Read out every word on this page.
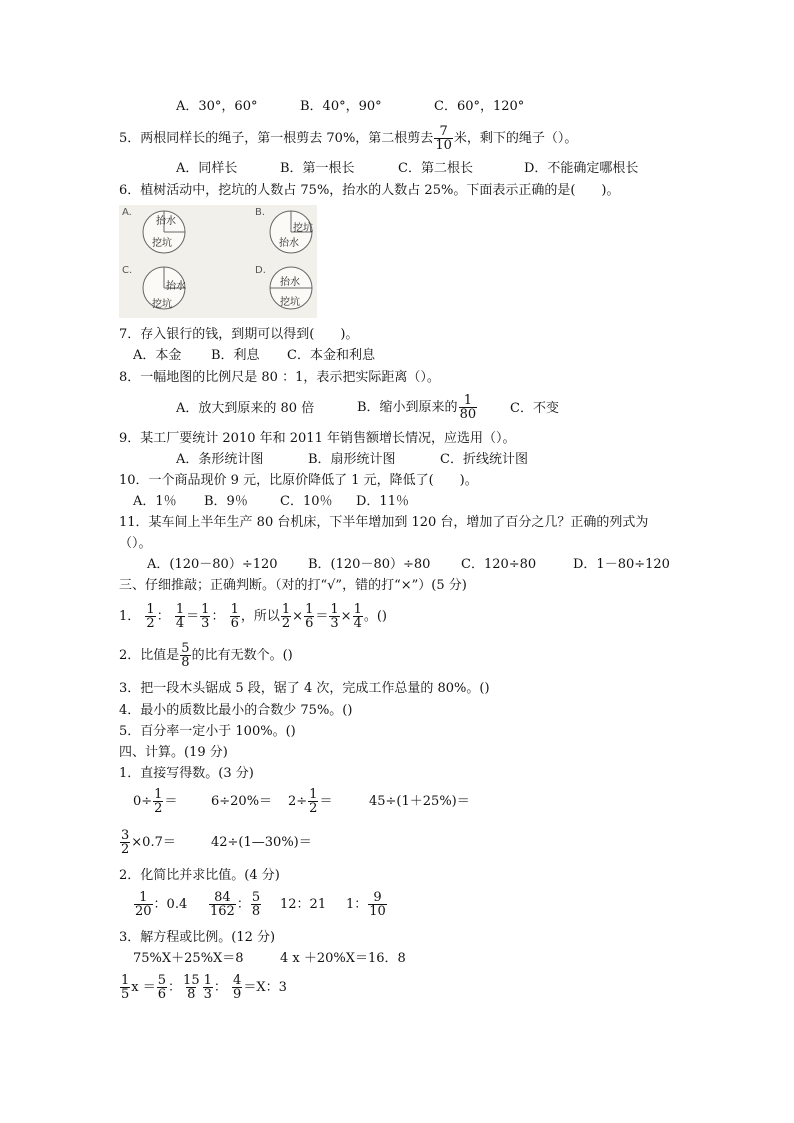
A．30°，60°	B．40°，90°	C．60°，120°
5．两根同样长的绳子，第一根剪去 70%，第二根剪去 $\frac{7}{10}$ 米，剩下的绳子（）。
A．同样长	B．第一根长	C．第二根长	D．不能确定哪根长
6．植树活动中，挖坑的人数占 75%，抬水的人数占 25%。下面表示正确的是(　　)。
A.
抬水
挖坑
B.
挖坑
抬水
C.
抬水
挖坑
D.
抬水
挖坑
7．存入银行的钱，到期可以得到(　　)。
A．本金 B．利息 C．本金和利息
8．一幅地图的比例尺是 80 ：1，表示把实际距离（）。
A．放大到原来的 80 倍	B．缩小到原来的 $\frac{1}{80}$	C．不变
9．某工厂要统计 2010 年和 2011 年销售额增长情况，应选用（）。
A．条形统计图	B．扇形统计图	C．折线统计图
10．一个商品现价 9 元，比原价降低了 1 元，降低了(　　)。
A．1％ B．9％ C．10％ D．11％
11．某车间上半年生产 80 台机床，下半年增加到 120 台，增加了百分之几？正确的列式为
（）。
A．(120－80）÷120 B．(120－80）÷80 C．120÷80	D．1－80÷120
三、仔细推敲；正确判断。（对的打“√”，错的打“×”）(5 分)
1． $\frac{1}{2}$ ： $\frac{1}{4} = \frac{1}{3}$ ： $\frac{1}{6}$ ，所以 $\frac{1}{2} \times \frac{1}{6} = \frac{1}{3} \times \frac{1}{4}$ 。()
2．比值是 $\frac{5}{8}$ 的比有无数个。()
3．把一段木头锯成 5 段，锯了 4 次，完成工作总量的 80%。()
4．最小的质数比最小的合数少 75%。()
5．百分率一定小于 100%。()
四、计算。(19 分)
1．直接写得数。(3 分)
$0\div \frac{1}{2}$ ＝	$6\div 20\%= 2\div \frac{1}{2}$ ＝	45÷(1＋25%)＝
$\frac{3}{2} \times 0.7=$	42÷(1—30%)＝
2．化简比并求比值。(4 分)
$\frac{1}{20}$ ：$0.4 \frac{84}{162}$ ： $\frac{5}{8} 12$：21 1： $\frac{9}{10}$
3．解方程或比例。(12 分)
75%X＋25%X＝8	4 x ＋20%X＝16．8
$\frac{1}{5}$ $x = \frac{5}{6}$ ： $\frac{15}{8} \frac{1}{3}$ ： $\frac{4}{9} =X$：3
